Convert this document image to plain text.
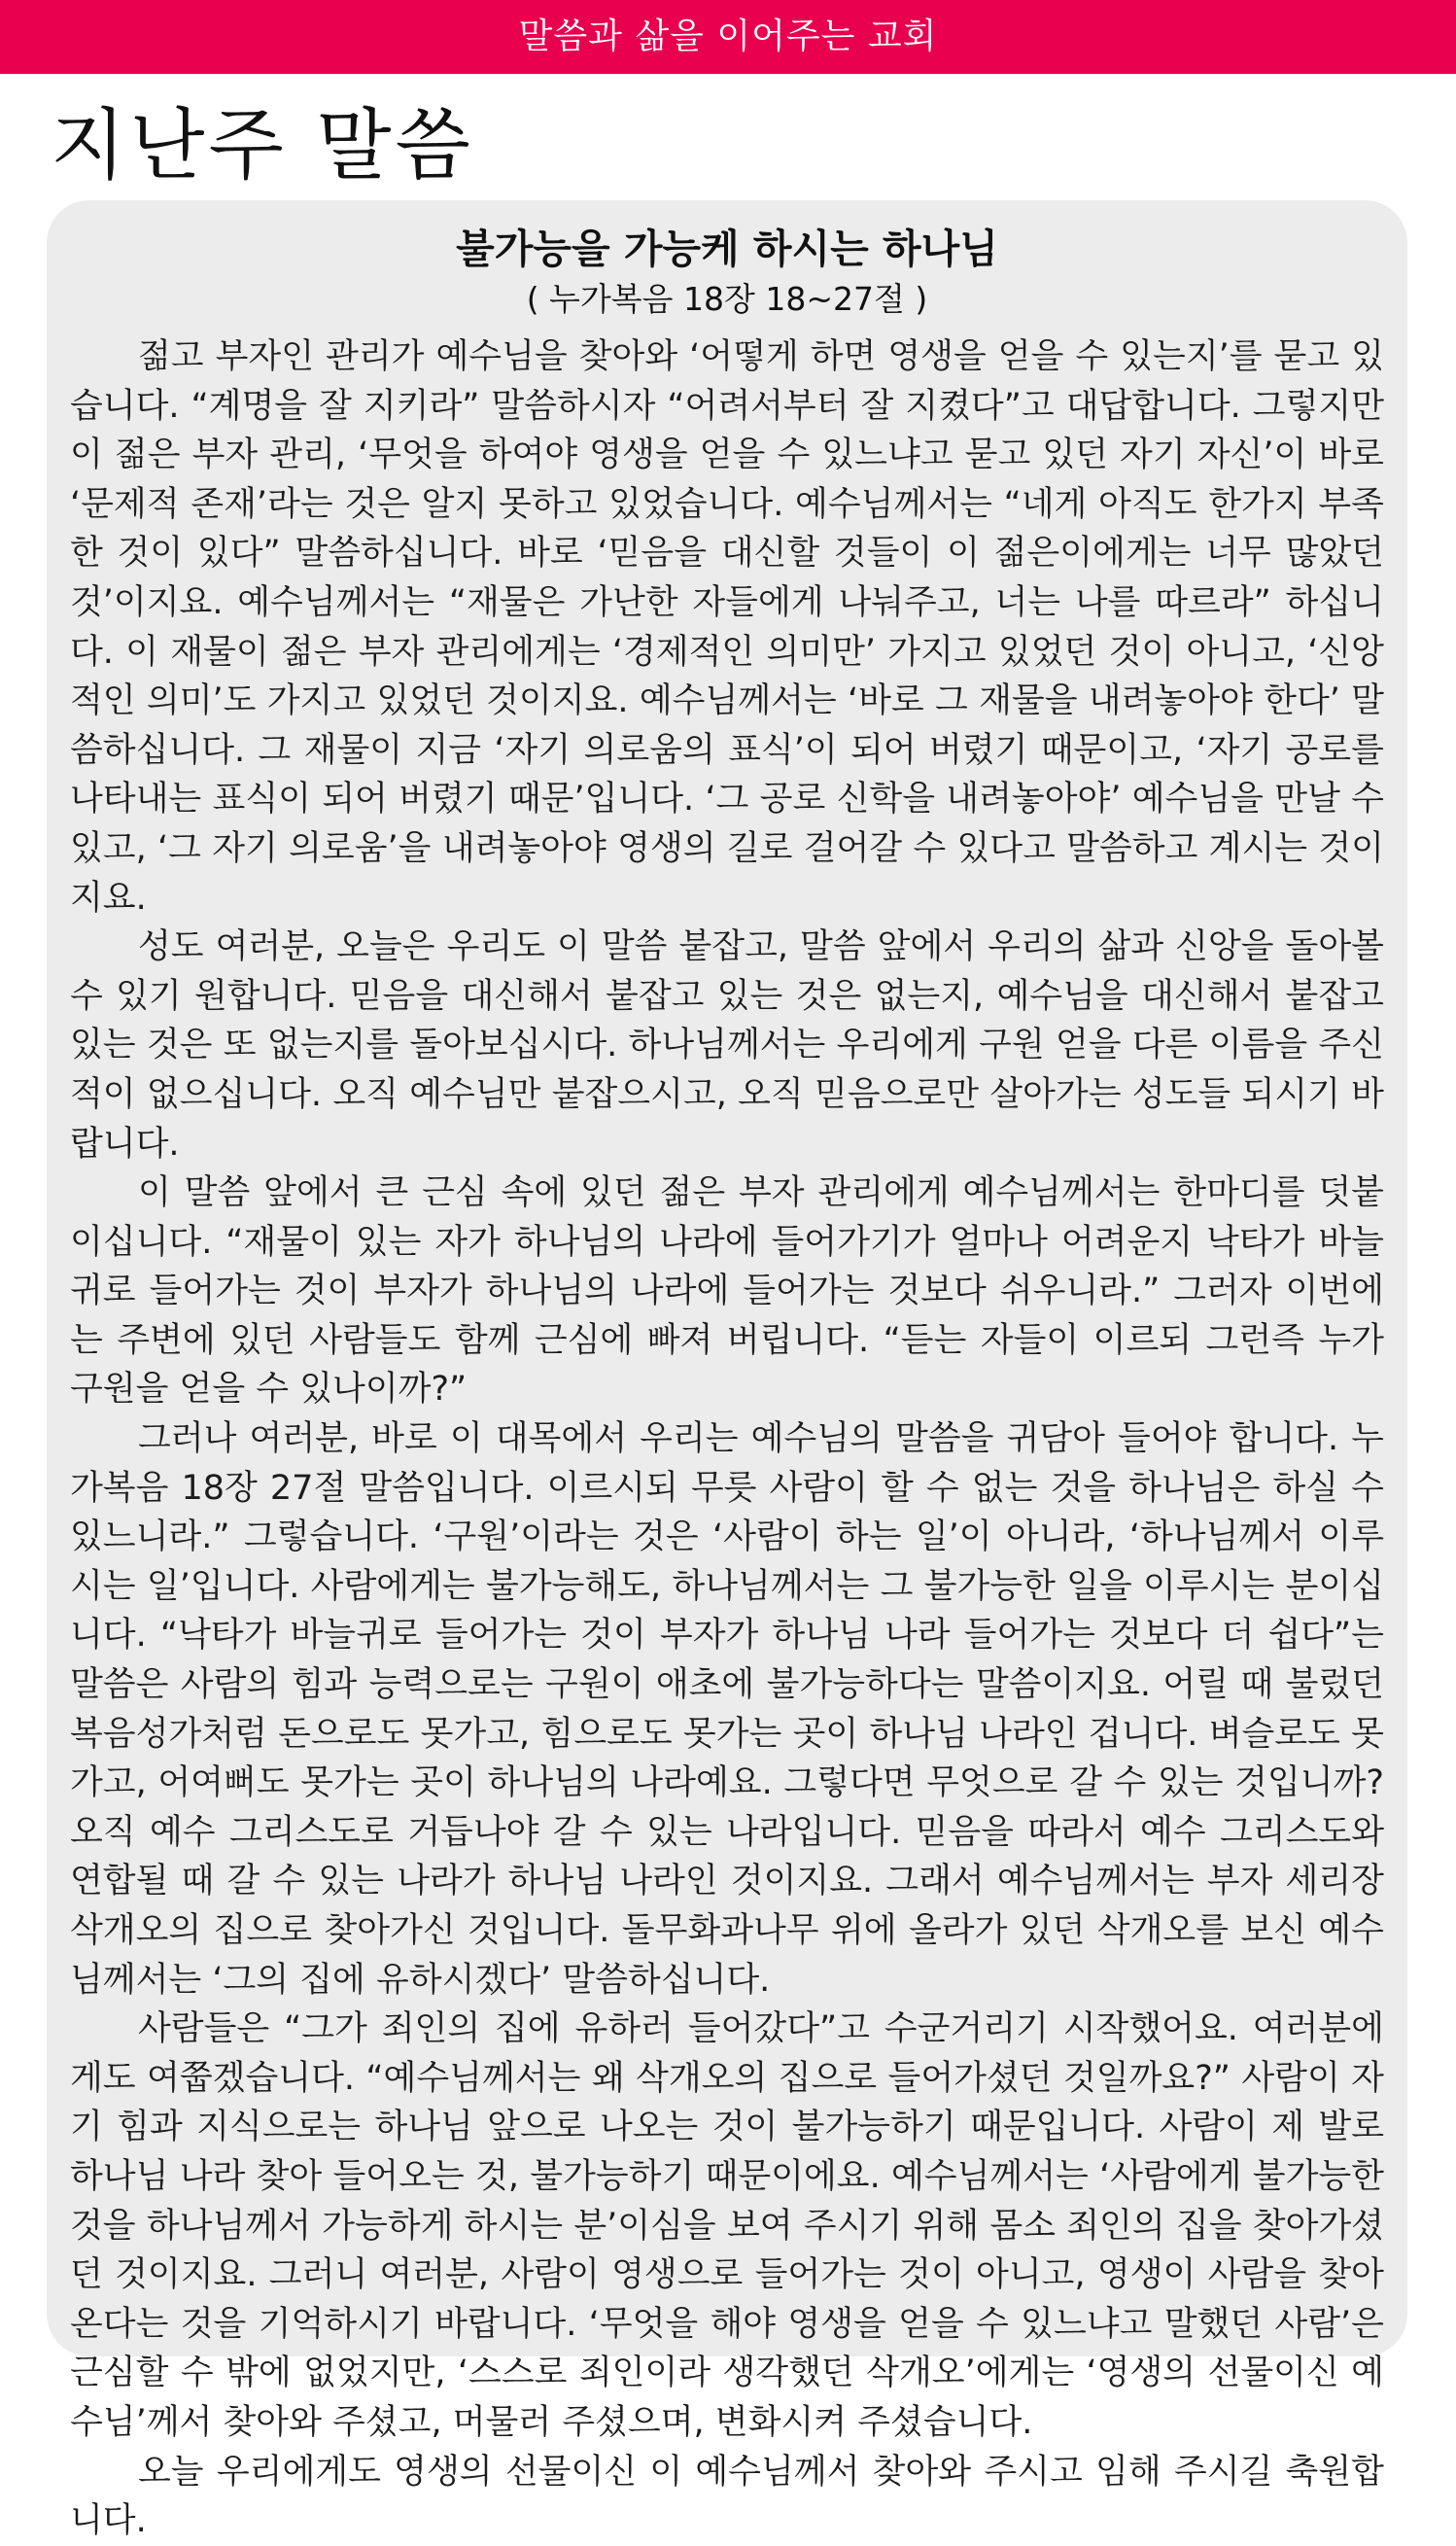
말씀과 삶을 이어주는 교회
지난주 말씀
불가능을 가능케 하시는 하나님

( 누가복음 18장 18~27절 )

젊고 부자인 관리가 예수님을 찾아와 ‘어떻게 하면 영생을 얻을 수 있는지’를 묻고 있습니다. “계명을 잘 지키라” 말씀하시자 “어려서부터 잘 지켰다”고 대답합니다. 그렇지만 이 젊은 부자 관리, ‘무엇을 하여야 영생을 얻을 수 있느냐고 묻고 있던 자기 자신’이 바로 ‘문제적 존재’라는 것은 알지 못하고 있었습니다. 예수님께서는 “네게 아직도 한가지 부족한 것이 있다” 말씀하십니다. 바로 ‘믿음을 대신할 것들이 이 젊은이에게는 너무 많았던 것’이지요. 예수님께서는 “재물은 가난한 자들에게 나눠주고, 너는 나를 따르라” 하십니다. 이 재물이 젊은 부자 관리에게는 ‘경제적인 의미만’ 가지고 있었던 것이 아니고, ‘신앙적인 의미’도 가지고 있었던 것이지요. 예수님께서는 ‘바로 그 재물을 내려놓아야 한다’ 말씀하십니다. 그 재물이 지금 ‘자기 의로움의 표식’이 되어 버렸기 때문이고, ‘자기 공로를 나타내는 표식이 되어 버렸기 때문’입니다. ‘그 공로 신학을 내려놓아야’ 예수님을 만날 수 있고, ‘그 자기 의로움’을 내려놓아야 영생의 길로 걸어갈 수 있다고 말씀하고 계시는 것이지요.

성도 여러분, 오늘은 우리도 이 말씀 붙잡고, 말씀 앞에서 우리의 삶과 신앙을 돌아볼 수 있기 원합니다. 믿음을 대신해서 붙잡고 있는 것은 없는지, 예수님을 대신해서 붙잡고 있는 것은 또 없는지를 돌아보십시다. 하나님께서는 우리에게 구원 얻을 다른 이름을 주신 적이 없으십니다. 오직 예수님만 붙잡으시고, 오직 믿음으로만 살아가는 성도들 되시기 바랍니다.

이 말씀 앞에서 큰 근심 속에 있던 젊은 부자 관리에게 예수님께서는 한마디를 덧붙이십니다. “재물이 있는 자가 하나님의 나라에 들어가기가 얼마나 어려운지 낙타가 바늘귀로 들어가는 것이 부자가 하나님의 나라에 들어가는 것보다 쉬우니라.” 그러자 이번에는 주변에 있던 사람들도 함께 근심에 빠져 버립니다. “듣는 자들이 이르되 그런즉 누가 구원을 얻을 수 있나이까?”

그러나 여러분, 바로 이 대목에서 우리는 예수님의 말씀을 귀담아 들어야 합니다. 누가복음 18장 27절 말씀입니다. 이르시되 무릇 사람이 할 수 없는 것을 하나님은 하실 수 있느니라.” 그렇습니다. ‘구원’이라는 것은 ‘사람이 하는 일’이 아니라, ‘하나님께서 이루시는 일’입니다. 사람에게는 불가능해도, 하나님께서는 그 불가능한 일을 이루시는 분이십니다. “낙타가 바늘귀로 들어가는 것이 부자가 하나님 나라 들어가는 것보다 더 쉽다”는 말씀은 사람의 힘과 능력으로는 구원이 애초에 불가능하다는 말씀이지요. 어릴 때 불렀던 복음성가처럼 돈으로도 못가고, 힘으로도 못가는 곳이 하나님 나라인 겁니다. 벼슬로도 못가고, 어여뻐도 못가는 곳이 하나님의 나라예요. 그렇다면 무엇으로 갈 수 있는 것입니까? 오직 예수 그리스도로 거듭나야 갈 수 있는 나라입니다. 믿음을 따라서 예수 그리스도와 연합될 때 갈 수 있는 나라가 하나님 나라인 것이지요. 그래서 예수님께서는 부자 세리장 삭개오의 집으로 찾아가신 것입니다. 돌무화과나무 위에 올라가 있던 삭개오를 보신 예수님께서는 ‘그의 집에 유하시겠다’ 말씀하십니다.

사람들은 “그가 죄인의 집에 유하러 들어갔다”고 수군거리기 시작했어요. 여러분에게도 여쭙겠습니다. “예수님께서는 왜 삭개오의 집으로 들어가셨던 것일까요?” 사람이 자기 힘과 지식으로는 하나님 앞으로 나오는 것이 불가능하기 때문입니다. 사람이 제 발로 하나님 나라 찾아 들어오는 것, 불가능하기 때문이에요. 예수님께서는 ‘사람에게 불가능한 것을 하나님께서 가능하게 하시는 분’이심을 보여 주시기 위해 몸소 죄인의 집을 찾아가셨던 것이지요. 그러니 여러분, 사람이 영생으로 들어가는 것이 아니고, 영생이 사람을 찾아온다는 것을 기억하시기 바랍니다. ‘무엇을 해야 영생을 얻을 수 있느냐고 말했던 사람’은 근심할 수 밖에 없었지만, ‘스스로 죄인이라 생각했던 삭개오’에게는 ‘영생의 선물이신 예수님’께서 찾아와 주셨고, 머물러 주셨으며, 변화시켜 주셨습니다.

오늘 우리에게도 영생의 선물이신 이 예수님께서 찾아와 주시고 임해 주시길 축원합니다.
